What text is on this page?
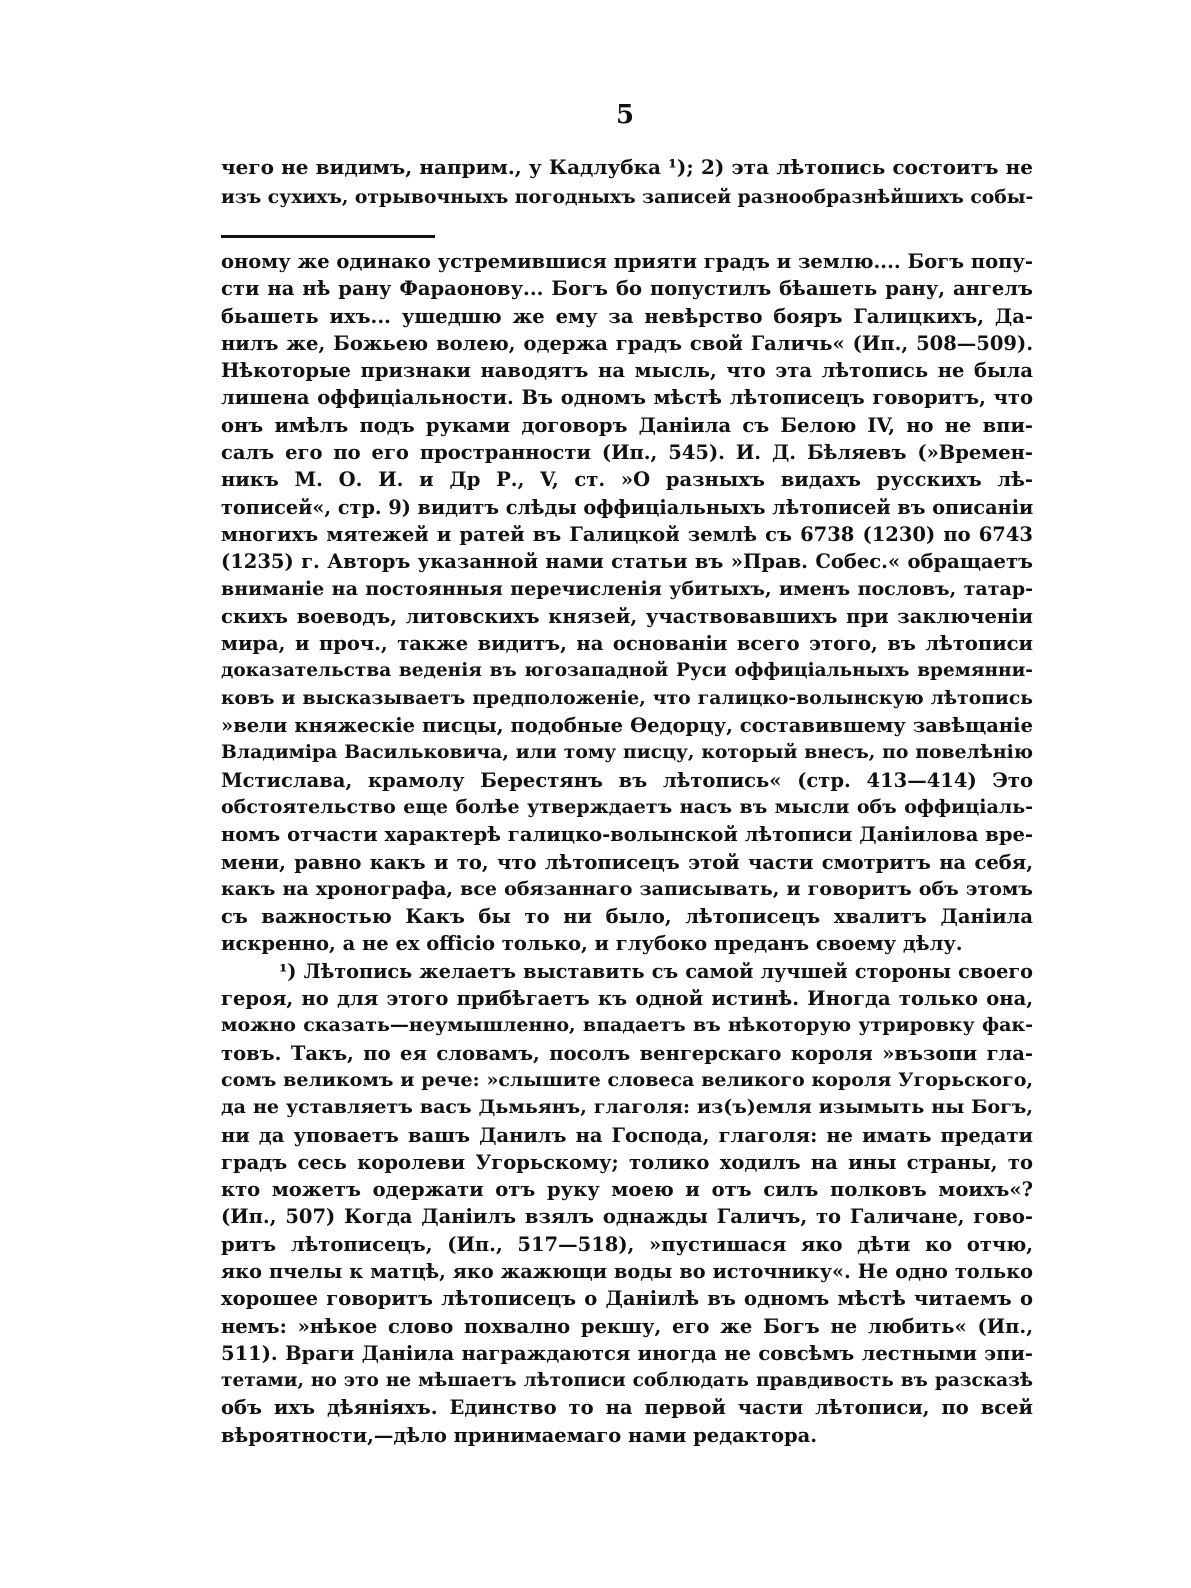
5
чего не видимъ, наприм., у Кадлубка ¹); 2) эта лѣтопись состоитъ не
изъ сухихъ, отрывочныхъ погодныхъ записей разнообразнѣйшихъ собы-
оному же одинако устремившися прияти градъ и землю.... Богъ попу-
сти на нѣ рану Фараонову... Богъ бо попустилъ бѣашеть рану, ангелъ
бьашеть ихъ... ушедшю же ему за невѣрство бояръ Галицкихъ, Да-
нилъ же, Божьею волею, одержа градъ свой Галичь« (Ип., 508—509).
Нѣкоторые признаки наводятъ на мысль, что эта лѣтопись не была
лишена оффиціальности. Въ одномъ мѣстѣ лѣтописецъ говоритъ, что
онъ имѣлъ подъ руками договоръ Даніила съ Белою IV, но не впи-
салъ его по его пространности (Ип., 545). И. Д. Бѣляевъ (»Времен-
никъ М. О. И. и Др Р., V, ст. »О разныхъ видахъ русскихъ лѣ-
тописей«, стр. 9) видитъ слѣды оффиціальныхъ лѣтописей въ описаніи
многихъ мятежей и ратей въ Галицкой землѣ съ 6738 (1230) по 6743
(1235) г. Авторъ указанной нами статьи въ »Прав. Собес.« обращаетъ
вниманіе на постоянныя перечисленія убитыхъ, именъ пословъ, татар-
скихъ воеводъ, литовскихъ князей, участвовавшихъ при заключеніи
мира, и проч., также видитъ, на основаніи всего этого, въ лѣтописи
доказательства веденія въ югозападной Руси оффиціальныхъ времянни-
ковъ и высказываетъ предположеніе, что галицко-волынскую лѣтопись
»вели княжескіе писцы, подобные Ѳедорцу, составившему завѣщаніе
Владиміра Васильковича, или тому писцу, который внесъ, по повелѣнію
Мстислава, крамолу Берестянъ въ лѣтопись« (стр. 413—414) Это
обстоятельство еще болѣе утверждаетъ насъ въ мысли объ оффиціаль-
номъ отчасти характерѣ галицко-волынской лѣтописи Даніилова вре-
мени, равно какъ и то, что лѣтописецъ этой части смотритъ на себя,
какъ на хронографа, все обязаннаго записывать, и говоритъ объ этомъ
съ важностью Какъ бы то ни было, лѣтописецъ хвалитъ Даніила
искренно, а не ex officio только, и глубоко преданъ своему дѣлу.
¹) Лѣтопись желаетъ выставить съ самой лучшей стороны своего
героя, но для этого прибѣгаетъ къ одной истинѣ. Иногда только она,
можно сказать—неумышленно, впадаетъ въ нѣкоторую утрировку фак-
товъ. Такъ, по ея словамъ, посолъ венгерскаго короля »възопи гла-
сомъ великомъ и рече: »слышите словеса великого короля Угорьского,
да не уставляетъ васъ Дьмьянъ, глаголя: из(ъ)емля изымыть ны Богъ,
ни да уповаетъ вашъ Данилъ на Господа, глаголя: не имать предати
градъ сесь королеви Угорьскому; толико ходилъ на ины страны, то
кто можетъ одержати отъ руку моею и отъ силъ полковъ моихъ«?
(Ип., 507) Когда Даніилъ взялъ однажды Галичъ, то Галичане, гово-
ритъ лѣтописецъ, (Ип., 517—518), »пустишася яко дѣти ко отчю,
яко пчелы к матцѣ, яко жажющи воды во источнику«. Не одно только
хорошее говоритъ лѣтописецъ о Даніилѣ въ одномъ мѣстѣ читаемъ о
немъ: »нѣкое слово похвално рекшу, его же Богъ не любить« (Ип.,
511). Враги Даніила награждаются иногда не совсѣмъ лестными эпи-
тетами, но это не мѣшаетъ лѣтописи соблюдать правдивость въ разсказѣ
объ ихъ дѣяніяхъ. Единство то на первой части лѣтописи, по всей
вѣроятности,—дѣло принимаемаго нами редактора.
